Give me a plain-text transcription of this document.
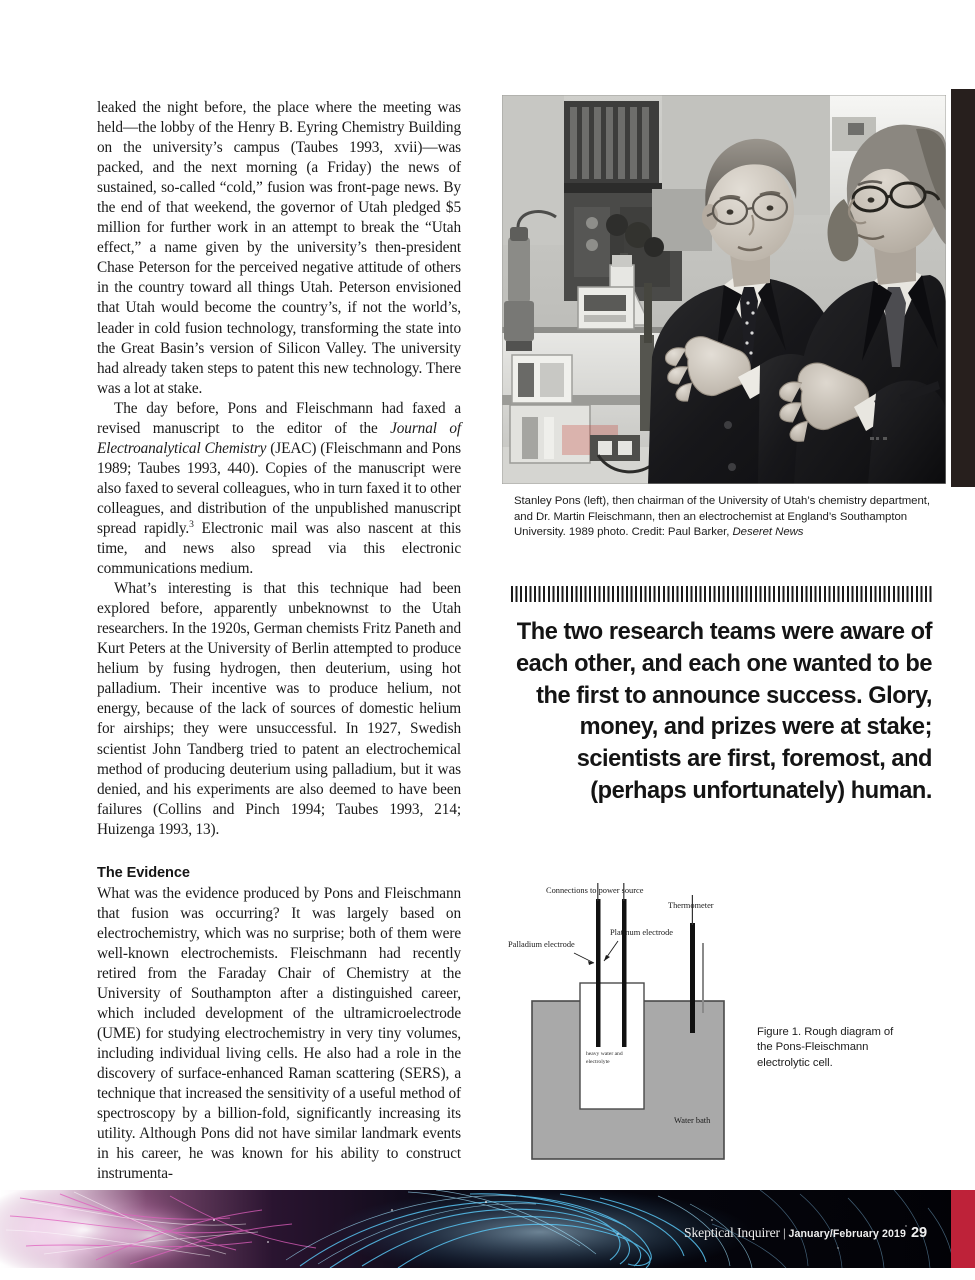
leaked the night before, the place where the meeting was held—the lobby of the Henry B. Eyring Chemistry Building on the university’s campus (Taubes 1993, xvii)—was packed, and the next morning (a Friday) the news of sustained, so-called “cold,” fusion was front-page news. By the end of that weekend, the governor of Utah pledged $5 million for further work in an attempt to break the “Utah effect,” a name given by the university’s then-president Chase Peterson for the perceived negative attitude of others in the country toward all things Utah. Peterson envisioned that Utah would become the country’s, if not the world’s, leader in cold fusion technology, transforming the state into the Great Basin’s version of Silicon Valley. The university had already taken steps to patent this new technology. There was a lot at stake.

The day before, Pons and Fleischmann had faxed a revised manuscript to the editor of the Journal of Electroanalytical Chemistry (JEAC) (Fleischmann and Pons 1989; Taubes 1993, 440). Copies of the manuscript were also faxed to several colleagues, who in turn faxed it to other colleagues, and distribution of the unpublished manuscript spread rapidly.$^3$ Electronic mail was also nascent at this time, and news also spread via this electronic communications medium.

What’s interesting is that this technique had been explored before, apparently unbeknownst to the Utah researchers. In the 1920s, German chemists Fritz Paneth and Kurt Peters at the University of Berlin attempted to produce helium by fusing hydrogen, then deuterium, using hot palladium. Their incentive was to produce helium, not energy, because of the lack of sources of domestic helium for airships; they were unsuccessful. In 1927, Swedish scientist John Tandberg tried to patent an electrochemical method of producing deuterium using palladium, but it was denied, and his experiments are also deemed to have been failures (Collins and Pinch 1994; Taubes 1993, 214; Huizenga 1993, 13).

The Evidence

What was the evidence produced by Pons and Fleischmann that fusion was occurring? It was largely based on electrochemistry, which was no surprise; both of them were well-known electrochemists. Fleischmann had recently retired from the Faraday Chair of Chemistry at the University of Southampton after a distinguished career, which included development of the ultramicroelectrode (UME) for studying electrochemistry in very tiny volumes, including individual living cells. He also had a role in the discovery of surface-enhanced Raman scattering (SERS), a technique that increased the sensitivity of a useful method of spectroscopy by a billion-fold, significantly increasing its utility. Although Pons did not have similar landmark events in his career, he was known for his ability to construct instrumenta-

Stanley Pons (left), then chairman of the University of Utah’s chemistry department, and Dr. Martin Fleischmann, then an electrochemist at England’s Southampton University. 1989 photo. Credit: Paul Barker, Deseret News
The two research teams were aware of each other, and each one wanted to be the first to announce success. Glory, money, and prizes were at stake; scientists are first, foremost, and (perhaps unfortunately) human.
Connections to power source
Thermometer
Palladium electrode
Platinum electrode
heavy water and
electrolyte
Water bath
Figure 1. Rough diagram of the Pons-Fleischmann electrolytic cell.
Skeptical Inquirer | January/February 2019 29
